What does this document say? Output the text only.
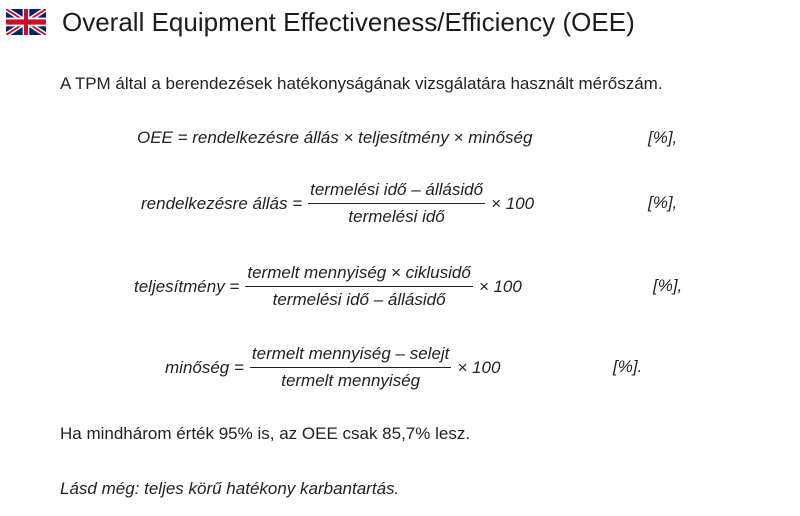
Overall Equipment Effectiveness/Efficiency (OEE)
A TPM által a berendezések hatékonyságának vizsgálatára használt mérőszám.
OEE = rendelkezésre állás × teljesítmény × minőség	[%],
rendelkezésre állás = $\frac{\text{termelési idő – állásidő}}{\text{termelési idő}} \times 100$	[%],
teljesítmény = $\frac{\text{termelt mennyiség × ciklusidő}}{\text{termelési idő – állásidő}} \times 100$	[%],
minőség = $\frac{\text{termelt mennyiség – selejt}}{\text{termelt mennyiség}} \times 100$	[%].
Ha mindhárom érték 95% is, az OEE csak 85,7% lesz.
Lásd még: teljes körű hatékony karbantartás.
